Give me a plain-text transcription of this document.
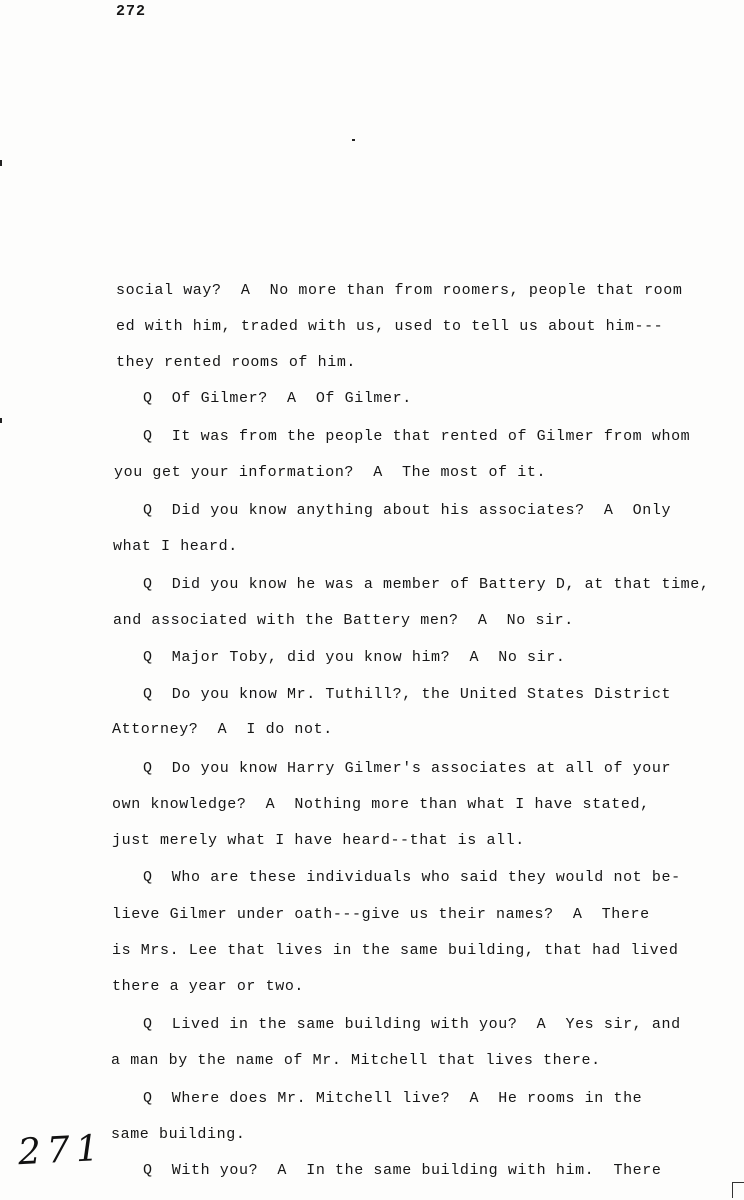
272
social way?  A  No more than from roomers, people that room
ed with him, traded with us, used to tell us about him---
they rented rooms of him.
Q  Of Gilmer?  A  Of Gilmer.
Q  It was from the people that rented of Gilmer from whom
you get your information?  A  The most of it.
Q  Did you know anything about his associates?  A  Only
what I heard.
Q  Did you know he was a member of Battery D, at that time,
and associated with the Battery men?  A  No sir.
Q  Major Toby, did you know him?  A  No sir.
Q  Do you know Mr. Tuthill?, the United States District
Attorney?  A  I do not.
Q  Do you know Harry Gilmer's associates at all of your
own knowledge?  A  Nothing more than what I have stated,
just merely what I have heard--that is all.
Q  Who are these individuals who said they would not be-
lieve Gilmer under oath---give us their names?  A  There
is Mrs. Lee that lives in the same building, that had lived
there a year or two.
Q  Lived in the same building with you?  A  Yes sir, and
a man by the name of Mr. Mitchell that lives there.
Q  Where does Mr. Mitchell live?  A  He rooms in the
same building.
Q  With you?  A  In the same building with him.  There
271
